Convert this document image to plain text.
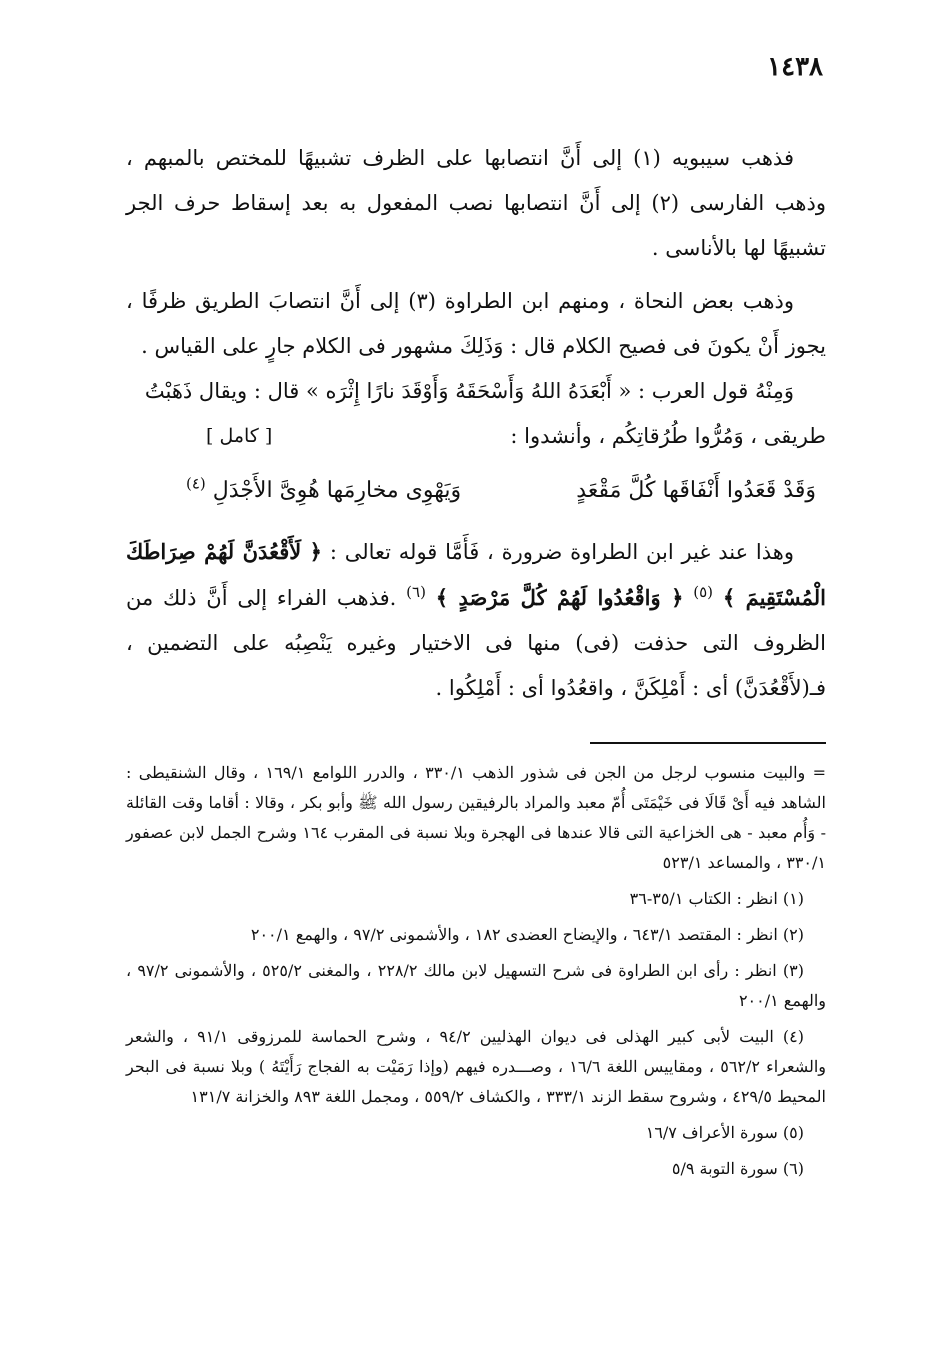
١٤٣٨

فذهب سيبويه (١) إلى أَنَّ انتصابها على الظرف تشبيهًا للمختص بالمبهم ، وذهب الفارسى (٢) إلى أَنَّ انتصابها نصب المفعول به بعد إسقاط حرف الجر تشبيهًا لها بالأناسى .

وذهب بعض النحاة ، ومنهم ابن الطراوة (٣) إلى أَنَّ انتصابَ الطريق ظرفًا ، يجوز أَنْ يكونَ فى فصيح الكلام قال : وَذَلِكَ مشهور فى الكلام جارٍ على القياس .

وَمِنْهُ قول العرب : « أَبْعَدَهُ اللهُ وَأَسْحَقَهُ وَأَوْقَدَ نارًا إِثْرَه » قال : ويقال ذَهَبْتُ

طريقى ، وَمُرُّوا طُرُقاتِكُم ، وأنشدوا :
[ كامل ]
وَقَدْ قَعَدُوا أَنْفَاقَها كُلَّ مَقْعَدٍ
وَيَهْوِى مخارِمَها هُوِىَّ الأَجْدَلِ $^{(٤)}$

وهذا عند غير ابن الطراوة ضرورة ، فَأَمَّا قوله تعالى : ﴿ لَأَقْعُدَنَّ لَهُمْ صِرَاطَكَ الْمُسْتَقِيمَ ﴾ $^{(٥)}$ ﴿ وَاقْعُدُوا لَهُمْ كُلَّ مَرْصَدٍ ﴾ $^{(٦)}$ .فذهب الفراء إلى أَنَّ ذلك من الظروف التى حذفت (فى) منها فى الاختيار وغيره يَنْصِبُه على التضمين ، فـ(لأَقْعُدَنَّ) أى : أَمْلِكَنَّ ، واقعُدُوا أى : أَمْلِكُوا .

= والبيت منسوب لرجل من الجن فى شذور الذهب ٣٣٠/١ ، والدرر اللوامع ١٦٩/١ ، وقال الشنقيطى : الشاهد فيه أَىْ قَالَا فى خَيْمَتَى أُمّ معبد والمراد بالرفيقين رسول الله ﷺ وأبو بكر ، وقالا : أقاما وقت القائلة - وَأُم معبد - هى الخزاعية التى قالا عندها فى الهجرة وبلا نسبة فى المقرب ١٦٤ وشرح الجمل لابن عصفور ٣٣٠/١ ، والمساعد ٥٢٣/١

(١) انظر : الكتاب ٣٥/١-٣٦

(٢) انظر : المقتصد ٦٤٣/١ ، والإيضاح العضدى ١٨٢ ، والأشمونى ٩٧/٢ ، والهمع ٢٠٠/١

(٣) انظر : رأى ابن الطراوة فى شرح التسهيل لابن مالك ٢٢٨/٢ ، والمغنى ٥٢٥/٢ ، والأشمونى ٩٧/٢ ، والهمع ٢٠٠/١

(٤) البيت لأبى كبير الهذلى فى ديوان الهذليين ٩٤/٢ ، وشرح الحماسة للمرزوقى ٩١/١ ، والشعر والشعراء ٥٦٢/٢ ، ومقاييس اللغة ١٦/٦ ، وصـــدره فيهم (وإذا رَمَيْت به الفجاج رَأَيْتَهُ ) وبلا نسبة فى البحر المحيط ٤٢٩/٥ ، وشروح سقط الزند ٣٣٣/١ ، والكشاف ٥٥٩/٢ ، ومجمل اللغة ٨٩٣ والخزانة ١٣١/٧

(٥) سورة الأعراف ١٦/٧

(٦) سورة التوبة ٥/٩
